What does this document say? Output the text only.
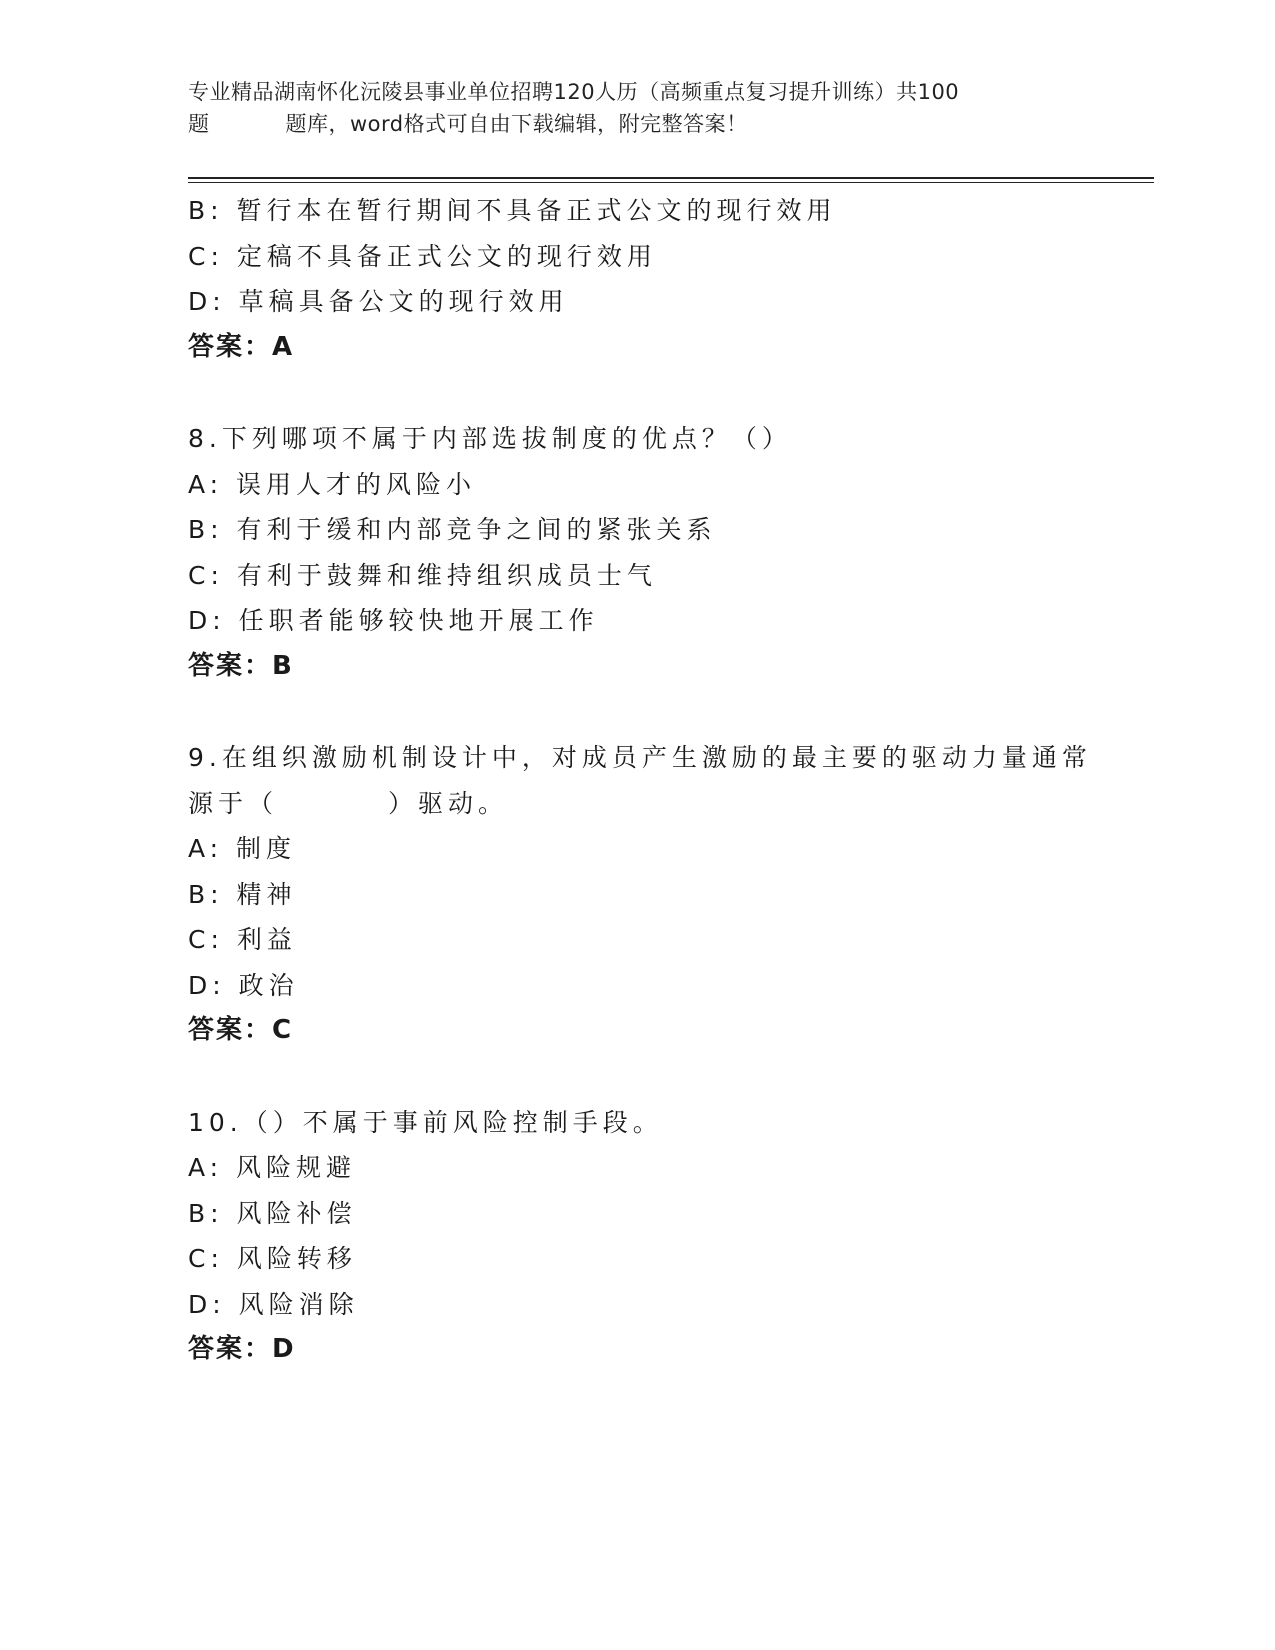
专业精品湖南怀化沅陵县事业单位招聘120人历（高频重点复习提升训练）共100
题	题库，word格式可自由下载编辑，附完整答案！
B: 暂行本在暂行期间不具备正式公文的现行效用
C: 定稿不具备正式公文的现行效用
D: 草稿具备公文的现行效用
答案：A
8.下列哪项不属于内部选拔制度的优点？（）
A: 误用人才的风险小
B: 有利于缓和内部竞争之间的紧张关系
C: 有利于鼓舞和维持组织成员士气
D: 任职者能够较快地开展工作
答案：B
9.在组织激励机制设计中，对成员产生激励的最主要的驱动力量通常
源于（	）驱动。
A: 制度
B: 精神
C: 利益
D: 政治
答案：C
10.（）不属于事前风险控制手段。
A: 风险规避
B: 风险补偿
C: 风险转移
D: 风险消除
答案：D
